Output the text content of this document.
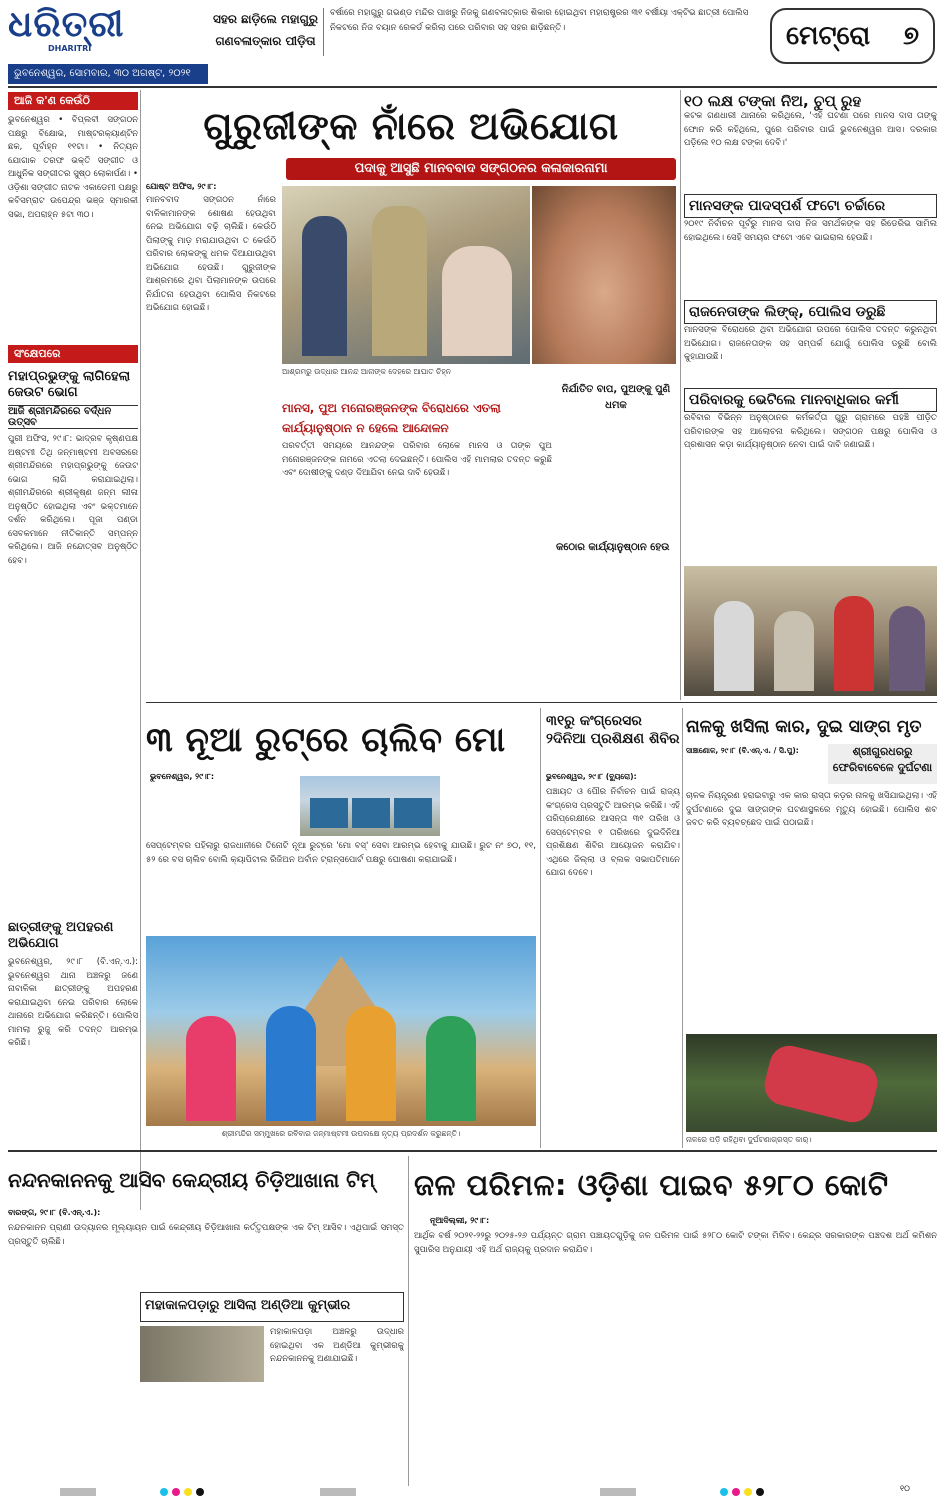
ଧରିତ୍ରୀ
DHARITRI
ଭୁବନେଶ୍ୱର, ସୋମବାର, ୩୦ ଅଗଷ୍ଟ, ୨୦୨୧
ସହର ଛାଡ଼ିଲେ ମହାଗୁରୁ ଗଣବଳାତ୍କାର ପୀଡ଼ିତା
ବର୍ଷାରେ ମହାଗୁରୁ ଗଭଣ୍ଡ ମନ୍ଦିର ପାଖରୁ ନିଜକୁ ଗଣବଳାତ୍କାର ଶିକାର ହୋଇଥିବା ମହାରାଷ୍ଟ୍ରର ୩୧ ବର୍ଷୀୟା ଏକ୍ଟିଭ ଛାତ୍ରୀ ପୋଲିସ ନିକଟରେ ନିଜ ବୟାନ ରେକର୍ଡ କରିଲା ପରେ ପରିବାର ସହ ସହର ଛାଡ଼ିଛନ୍ତି।	ମେଟ୍ରୋ ୭
ଆଜି କ'ଣ କେଉଁଠି
ଭୁବନେଶ୍ୱର • ବିପ୍ଲବୀ ସଙ୍ଗଠନ ପକ୍ଷରୁ ବିକ୍ଷୋଭ, ମାଷ୍ଟରକ୍ୟାଣ୍ଟିନ ଛକ, ପୂର୍ବାହ୍ନ ୧୧ଟା। • ନିତ୍ୟନ ଯୋଗାକ ତରଫ ଭକ୍ତି ସଙ୍ଗୀତ ଓ ଆଧୁନିକ ସଙ୍ଗୀତର ସୁଷ୍ଠ ଲୋକାର୍ପଣ। • ଓଡ଼ିଶା ସଙ୍ଗୀତ ନାଟକ ଏକାଡେମୀ ପକ୍ଷରୁ କବିସମ୍ରାଟ ଉପେନ୍ଦ୍ର ଭଞ୍ଜ ସ୍ମାରକୀ ସଭା, ଅପରାହ୍ନ ୫ଟା ୩୦।
ସଂକ୍ଷେପରେ
ମହାପ୍ରଭୁଙ୍କୁ ଲାଗିହେଲା ଜେଉଟ ଭୋଗ
ଆଜି ଶ୍ରୀମନ୍ଦିରରେ ବର୍ଦ୍ଧନ ଉତ୍ସବ
ପୁରୀ ଅଫିସ, ୨୯।୮: ଭାଦ୍ରବ କୃଷ୍ଣପକ୍ଷ ଅଷ୍ଟମୀ ତିଥି ଜନ୍ମାଷ୍ଟମୀ ଅବସରରେ ଶ୍ରୀମନ୍ଦିରରେ ମହାପ୍ରଭୁଙ୍କୁ ଜେଉଟ ଭୋଗ ଲାଗି କରାଯାଇଥିଲା। ଶ୍ରୀମନ୍ଦିରରେ ଶ୍ରୀକୃଷ୍ଣ ଜନ୍ମ ଲୀଳା ଅନୁଷ୍ଠିତ ହୋଇଥିଲା ଏବଂ ଭକ୍ତମାନେ ଦର୍ଶନ କରିଥିଲେ। ପୂଜା ପଣ୍ଡା ସେବକମାନେ ନୀତିକାନ୍ତି ସମ୍ପନ୍ନ କରିଥିଲେ। ଆଜି ନନ୍ଦୋତ୍ସବ ଅନୁଷ୍ଠିତ ହେବ।
ଛାତ୍ରୀଙ୍କୁ ଅପହରଣ ଅଭିଯୋଗ
ଭୁବନେଶ୍ୱର, ୨୯।୮ (ବି.ଏନ୍.ଏ.): ଭୁବନେଶ୍ୱର ଥାନା ଅଞ୍ଚଳରୁ ଜଣେ ନାବାଳିକା ଛାତ୍ରୀଙ୍କୁ ଅପହରଣ କରାଯାଇଥିବା ନେଇ ପରିବାର ଲୋକେ ଥାନାରେ ଅଭିଯୋଗ କରିଛନ୍ତି। ପୋଲିସ ମାମଲା ରୁଜୁ କରି ତଦନ୍ତ ଆରମ୍ଭ କରିଛି।
ଗୁରୁଜୀଙ୍କ ନାଁରେ ଅଭିଯୋଗ
ପଦାକୁ ଆସୁଛି ମାନବବାଦ ସଙ୍ଗଠନର କଳାକାରନାମା
ଯୋଷ୍ଟ ଅଫିସ, ୨୯।୮:
ମାନବବାଦ ସଙ୍ଗଠନ ନାଁରେ ବାଳିକାମାନଙ୍କ ଶୋଷଣ ହେଉଥିବା ନେଇ ଅଭିଯୋଗ ବଢ଼ି ଚାଲିଛି। କେଉଁଠି ପିଲାଙ୍କୁ ମାଡ଼ ମରାଯାଉଥିବା ତ କେଉଁଠି ପରିବାର ଲୋକଙ୍କୁ ଧମକ ଦିଆଯାଉଥିବା ଅଭିଯୋଗ ହେଉଛି। ଗୁରୁଜୀଙ୍କ ଆଶ୍ରମରେ ଥିବା ପିଲାମାନଙ୍କ ଉପରେ ନିର୍ଯାତନା ହେଉଥିବା ପୋଲିସ ନିକଟରେ ଅଭିଯୋଗ ହୋଇଛି।
ଆଶ୍ରମରୁ ଉଦ୍ଧାର ଆନନ୍ଦ ଆନାଙ୍କ ଦେହରେ ଆଘାତ ଚିହ୍ନ
ମାନସ, ପୁଅ ମନୋରଞ୍ଜନଙ୍କ ବିରୋଧରେ ଏତଲା
କାର୍ଯ୍ୟାନୁଷ୍ଠାନ ନ ହେଲେ ଆନ୍ଦୋଳନ
ନିର୍ଯାତିତ ବାପ, ପୁଅଙ୍କୁ ପୁଣି ଧମକ
ପରବର୍ତ୍ତୀ ସମୟରେ ଆନନ୍ଦଙ୍କ ପରିବାର ଲୋକେ ମାନସ ଓ ତାଙ୍କ ପୁଅ ମନୋରଞ୍ଜନଙ୍କ ନାମରେ ଏତଲା ଦେଇଛନ୍ତି। ପୋଲିସ ଏହି ମାମଲାର ତଦନ୍ତ କରୁଛି ଏବଂ ଦୋଷୀଙ୍କୁ ଦଣ୍ଡ ଦିଆଯିବା ନେଇ ଦାବି ହେଉଛି।
କଠୋର କାର୍ଯ୍ୟାନୁଷ୍ଠାନ ହେଉ
୧୦ ଲକ୍ଷ ଟଙ୍କା ନିଅ, ଚୁପ୍ ରୁହ
କଟକ ଗଣଧାରୀ ଥାନାରେ କରିଥିଲେ, 'ଏହି ଘଟଣା ପରେ ମାନସ ଦାସ ତାଙ୍କୁ ଫୋନ କରି କହିଥିଲେ, ପୁରେ ପରିବାର ପାଇଁ ଭୁବନେଶ୍ୱର ଆସ। ଦରକାର ପଡ଼ିଲେ ୧୦ ଲକ୍ଷ ଟଙ୍କା ଦେବି।'
ମାନସଙ୍କ ପାଦସ୍ପର୍ଶ ଫଟୋ ଚର୍ଚ୍ଚାରେ
୨୦୧୯ ନିର୍ବାଚନ ପୂର୍ବରୁ ମାନସ ଦାସ ନିଜ ସମର୍ଥକଙ୍କ ସହ ରିଡେରିଭ ସାମିଲ ହୋଇଥିଲେ। ସେହି ସମୟର ଫଟୋ ଏବେ ଭାଇରାଲ ହେଉଛି।
ରାଜନେତାଙ୍କ ଲିଙ୍କ୍, ପୋଲିସ ଡରୁଛି
ମାନସଙ୍କ ବିରୋଧରେ ଥିବା ଅଭିଯୋଗ ଉପରେ ପୋଲିସ ତଦନ୍ତ କରୁନଥିବା ଅଭିଯୋଗ। ରାଜନେତାଙ୍କ ସହ ସମ୍ପର୍କ ଯୋଗୁଁ ପୋଲିସ ଡରୁଛି ବୋଲି କୁହାଯାଉଛି।
ପରିବାରକୁ ଭେଟିଲେ ମାନବାଧିକାର କର୍ମୀ
ରବିବାର ବିଭିନ୍ନ ଅନୁଷ୍ଠାନର କର୍ମକର୍ତ୍ତା ଗୁରୁ ଗ୍ରାମରେ ପହଞ୍ଚି ପୀଡ଼ିତ ପରିବାରଙ୍କ ସହ ଆଲୋଚନା କରିଥିଲେ। ସଙ୍ଗଠନ ପକ୍ଷରୁ ପୋଲିସ ଓ ପ୍ରଶାସନ କଡ଼ା କାର୍ଯ୍ୟାନୁଷ୍ଠାନ ନେବା ପାଇଁ ଦାବି ଜଣାଇଛି।
୩ ନୂଆ ରୁଟ୍‌ରେ ଚାଲିବ ମୋ
ଭୁବନେଶ୍ୱର, ୨୯।୮:
ସେପ୍ଟେମ୍ବର ପହିଲାରୁ ରାଜଧାନୀରେ ତିନୋଟି ନୂଆ ରୁଟ୍‌ରେ 'ମୋ ବସ୍' ସେବା ଆରମ୍ଭ ହେବାକୁ ଯାଉଛି। ରୁଟ ନଂ ୭୦, ୧୧, ୫୨ ରେ ବସ ଚାଲିବ ବୋଲି କ୍ୟାପିଟାଲ ରିଜିଅନ ଅର୍ବାନ ଟ୍ରାନ୍ସପୋର୍ଟ ପକ୍ଷରୁ ଘୋଷଣା କରାଯାଇଛି।
ଶ୍ରୀମନ୍ଦିର ସମ୍ମୁଖରେ ରବିବାର ଜନ୍ମାଷ୍ଟମୀ ଉପଲକ୍ଷେ ନୃତ୍ୟ ପ୍ରଦର୍ଶନ କରୁଛନ୍ତି।
୩୧ରୁ କଂଗ୍ରେସର ୨ଦିନିଆ ପ୍ରଶିକ୍ଷଣ ଶିବିର
ଭୁବନେଶ୍ୱର, ୨୯।୮ (ବ୍ୟୁରୋ):
ପଞ୍ଚାୟତ ଓ ପୌର ନିର୍ବାଚନ ପାଇଁ ରାଜ୍ୟ କଂଗ୍ରେସ ପ୍ରସ୍ତୁତି ଆରମ୍ଭ କରିଛି। ଏହି ପରିପ୍ରେକ୍ଷୀରେ ଆସନ୍ତା ୩୧ ତାରିଖ ଓ ସେପ୍ଟେମ୍ବର ୧ ତାରିଖରେ ଦୁଇଦିନିଆ ପ୍ରଶିକ୍ଷଣ ଶିବିର ଆୟୋଜନ କରାଯିବ। ଏଥିରେ ଜିଲ୍ଲା ଓ ବ୍ଲକ ସଭାପତିମାନେ ଯୋଗ ଦେବେ।
ନାଳକୁ ଖସିଲା କାର, ଦୁଇ ସାଙ୍ଗ ମୃତ
ସାଞ୍ଚାଣୋଳ, ୨୯।୮ (ବି.ଏନ୍.ଏ. / ସି.ପୁ):	ଶ୍ରୀଗୁରଧରରୁ ଫେରିବାବେଳେ ଦୁର୍ଘଟଣା
ଚାଳକ ନିୟନ୍ତ୍ରଣ ହରାଇବାରୁ ଏକ କାର ରାସ୍ତା କଡ଼ର ନାଳକୁ ଖସିଯାଇଥିଲା। ଏହି ଦୁର୍ଘଟଣାରେ ଦୁଇ ସାଙ୍ଗଙ୍କ ଘଟଣାସ୍ଥଳରେ ମୃତ୍ୟୁ ହୋଇଛି। ପୋଲିସ ଶବ ଜବତ କରି ବ୍ୟବଚ୍ଛେଦ ପାଇଁ ପଠାଇଛି।
ନାଳରେ ପଡ଼ି ରହିଥିବା ଦୁର୍ଘଟଣାଗ୍ରସ୍ତ କାର୍।
ନନ୍ଦନକାନନକୁ ଆସିବ କେନ୍ଦ୍ରୀୟ ଚିଡ଼ିଆଖାନା ଟିମ୍
ବାରଙ୍ଗ, ୨୯।୮ (ବି.ଏନ୍.ଏ.):
ନନ୍ଦନକାନନ ପ୍ରାଣୀ ଉଦ୍ୟାନର ମୂଲ୍ୟାୟନ ପାଇଁ କେନ୍ଦ୍ରୀୟ ଚିଡ଼ିଆଖାନା କର୍ତ୍ତୃପକ୍ଷଙ୍କ ଏକ ଟିମ୍ ଆସିବ। ଏଥିପାଇଁ ସମସ୍ତ ପ୍ରସ୍ତୁତି ଚାଲିଛି।
ମହାକାଳପଡ଼ାରୁ ଆସିଲା ଅଣ୍ଡିଆ କୁମ୍ଭୀର
ମହାକାଳପଡ଼ା ଅଞ୍ଚଳରୁ ଉଦ୍ଧାର ହୋଇଥିବା ଏକ ଅଣ୍ଡିଆ କୁମ୍ଭୀରକୁ ନନ୍ଦନକାନନକୁ ଅଣାଯାଇଛି।
ଜଳ ପରିମଳ: ଓଡ଼ିଶା ପାଇବ ୫୨୮୦ କୋଟି
ନୂଆଦିଲ୍ଲୀ, ୨୯।୮:
ଆର୍ଥିକ ବର୍ଷ ୨୦୨୧-୨୨ରୁ ୨୦୨୫-୨୬ ପର୍ଯ୍ୟନ୍ତ ଗ୍ରାମ ପଞ୍ଚାୟତଗୁଡ଼ିକୁ ଜଳ ପରିମଳ ପାଇଁ ୫୨୮୦ କୋଟି ଟଙ୍କା ମିଳିବ। କେନ୍ଦ୍ର ସରକାରଙ୍କ ପଞ୍ଚଦଶ ଅର୍ଥ କମିଶନ ସୁପାରିସ ଅନୁଯାୟୀ ଏହି ଅର୍ଥ ରାଜ୍ୟକୁ ପ୍ରଦାନ କରାଯିବ।
୧୦
